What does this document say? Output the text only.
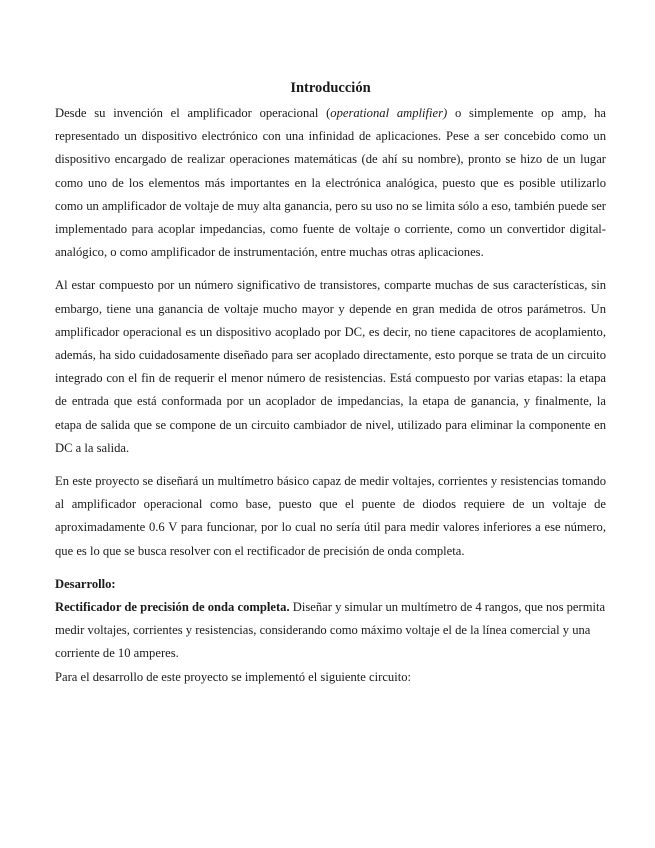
Introducción

Desde su invención el amplificador operacional (operational amplifier) o simplemente op amp, ha representado un dispositivo electrónico con una infinidad de aplicaciones. Pese a ser concebido como un dispositivo encargado de realizar operaciones matemáticas (de ahí su nombre), pronto se hizo de un lugar como uno de los elementos más importantes en la electrónica analógica, puesto que es posible utilizarlo como un amplificador de voltaje de muy alta ganancia, pero su uso no se limita sólo a eso, también puede ser implementado para acoplar impedancias, como fuente de voltaje o corriente, como un convertidor digital-analógico, o como amplificador de instrumentación, entre muchas otras aplicaciones.

Al estar compuesto por un número significativo de transistores, comparte muchas de sus características, sin embargo, tiene una ganancia de voltaje mucho mayor y depende en gran medida de otros parámetros. Un amplificador operacional es un dispositivo acoplado por DC, es decir, no tiene capacitores de acoplamiento, además, ha sido cuidadosamente diseñado para ser acoplado directamente, esto porque se trata de un circuito integrado con el fin de requerir el menor número de resistencias. Está compuesto por varias etapas: la etapa de entrada que está conformada por un acoplador de impedancias, la etapa de ganancia, y finalmente, la etapa de salida que se compone de un circuito cambiador de nivel, utilizado para eliminar la componente en DC a la salida.

En este proyecto se diseñará un multímetro básico capaz de medir voltajes, corrientes y resistencias tomando al amplificador operacional como base, puesto que el puente de diodos requiere de un voltaje de aproximadamente 0.6 V para funcionar, por lo cual no sería útil para medir valores inferiores a ese número, que es lo que se busca resolver con el rectificador de precisión de onda completa.

Desarrollo:

Rectificador de precisión de onda completa. Diseñar y simular un multímetro de 4 rangos, que nos permita medir voltajes, corrientes y resistencias, considerando como máximo voltaje el de la línea comercial y una corriente de 10 amperes.

Para el desarrollo de este proyecto se implementó el siguiente circuito:
